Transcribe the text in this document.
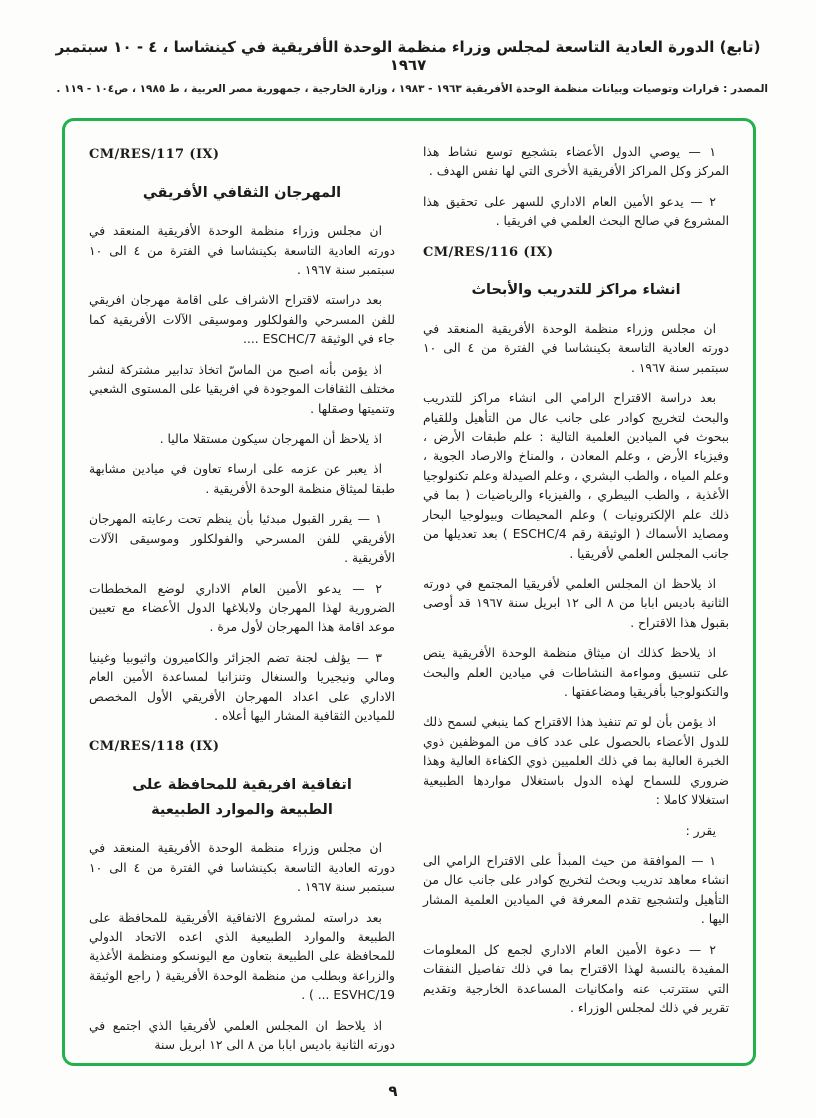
(تابع) الدورة العادية التاسعة لمجلس وزراء منظمة الوحدة الأفريقية في كينشاسا ، ٤ - ١٠ سبتمبر ١٩٦٧
المصدر : قرارات وتوصيات وبيانات منظمة الوحدة الأفريقية ١٩٦٣ - ١٩٨٣ ، وزارة الخارجية ، جمهورية مصر العربية ، ط ١٩٨٥ ، ص١٠٤ - ١١٩ .
١ — يوصي الدول الأعضاء بتشجيع توسع نشاط هذا المركز وكل المراكز الأفريقية الأخرى التي لها نفس الهدف .
٢ — يدعو الأمين العام الاداري للسهر على تحقيق هذا المشروع في صالح البحث العلمي في افريقيا .
CM/RES/116 (IX)
انشاء مراكز للتدريب والأبحاث
ان مجلس وزراء منظمة الوحدة الأفريقية المنعقد في دورته العادية التاسعة بكينشاسا في الفترة من ٤ الى ١٠ سبتمبر سنة ١٩٦٧ .
بعد دراسة الاقتراح الرامي الى انشاء مراكز للتدريب والبحث لتخريج كوادر على جانب عال من التأهيل وللقيام ببحوث في الميادين العلمية التالية : علم طبقات الأرض ، وفيزياء الأرض ، وعلم المعادن ، والمناخ والارصاد الجوية ، وعلم المياه ، والطب البشري ، وعلم الصيدلة وعلم تكنولوجيا الأغذية ، والطب البيطري ، والفيزياء والرياضيات ( بما في ذلك علم الإلكترونيات ) وعلم المحيطات وبيولوجيا البحار ومصايد الأسماك ( الوثيقة رقم ESCHC/4 ) بعد تعديلها من جانب المجلس العلمي لأفريقيا .
اذ يلاحظ ان المجلس العلمي لأفريقيا المجتمع في دورته الثانية باديس ابابا من ٨ الى ١٢ ابريل سنة ١٩٦٧ قد أوصى بقبول هذا الاقتراح .
اذ يلاحظ كذلك ان ميثاق منظمة الوحدة الأفريقية ينص على تنسيق ومواءمة النشاطات في ميادين العلم والبحث والتكنولوجيا بأفريقيا ومضاعفتها .
اذ يؤمن بأن لو تم تنفيذ هذا الاقتراح كما ينبغي لسمح ذلك للدول الأعضاء بالحصول على عدد كاف من الموظفين ذوي الخبرة العالية بما في ذلك العلميين ذوي الكفاءة العالية وهذا ضروري للسماح لهذه الدول باستغلال مواردها الطبيعية استغلالا كاملا :
يقرر :
١ — الموافقة من حيث المبدأ على الاقتراح الرامي الى انشاء معاهد تدريب وبحث لتخريج كوادر على جانب عال من التأهيل ولتشجيع تقدم المعرفة في الميادين العلمية المشار اليها .
٢ — دعوة الأمين العام الاداري لجمع كل المعلومات المفيدة بالنسبة لهذا الاقتراح بما في ذلك تفاصيل النفقات التي ستترتب عنه وامكانيات المساعدة الخارجية وتقديم تقرير في ذلك لمجلس الوزراء .
CM/RES/117 (IX)
المهرجان الثقافي الأفريقي
ان مجلس وزراء منظمة الوحدة الأفريقية المنعقد في دورته العادية التاسعة بكينشاسا في الفترة من ٤ الى ١٠ سبتمبر سنة ١٩٦٧ .
بعد دراسته لاقتراح الاشراف على اقامة مهرجان افريقي للفن المسرحي والفولكلور وموسيقى الآلات الأفريقية كما جاء في الوثيقة ESCHC/7 ....
اذ يؤمن بأنه اصبح من الماسّ اتخاذ تدابير مشتركة لنشر مختلف الثقافات الموجودة في افريقيا على المستوى الشعبي وتنميتها وصقلها .
اذ يلاحظ أن المهرجان سيكون مستقلا ماليا .
اذ يعبر عن عزمه على ارساء تعاون في ميادين مشابهة طبقا لميثاق منظمة الوحدة الأفريقية .
١ — يقرر القبول مبدئيا بأن ينظم تحت رعايته المهرجان الأفريقي للفن المسرحي والفولكلور وموسيقى الآلات الأفريقية .
٢ — يدعو الأمين العام الاداري لوضع المخططات الضرورية لهذا المهرجان ولابلاغها الدول الأعضاء مع تعيين موعد اقامة هذا المهرجان لأول مرة .
٣ — يؤلف لجنة تضم الجزائر والكاميرون واثيوبيا وغينيا ومالي ونيجيريا والسنغال وتنزانيا لمساعدة الأمين العام الاداري على اعداد المهرجان الأفريقي الأول المخصص للميادين الثقافية المشار اليها أعلاه .
CM/RES/118 (IX)
اتفاقية افريقية للمحافظة على الطبيعة والموارد الطبيعية
ان مجلس وزراء منظمة الوحدة الأفريقية المنعقد في دورته العادية التاسعة بكينشاسا في الفترة من ٤ الى ١٠ سبتمبر سنة ١٩٦٧ .
بعد دراسته لمشروع الاتفاقية الأفريقية للمحافظة على الطبيعة والموارد الطبيعية الذي اعده الاتحاد الدولي للمحافظة على الطبيعة بتعاون مع اليونسكو ومنظمة الأغذية والزراعة وبطلب من منظمة الوحدة الأفريقية ( راجع الوثيقة ESVHC/19 ... ) .
اذ يلاحظ ان المجلس العلمي لأفريقيا الذي اجتمع في دورته الثانية باديس ابابا من ٨ الى ١٢ ابريل سنة
٩
